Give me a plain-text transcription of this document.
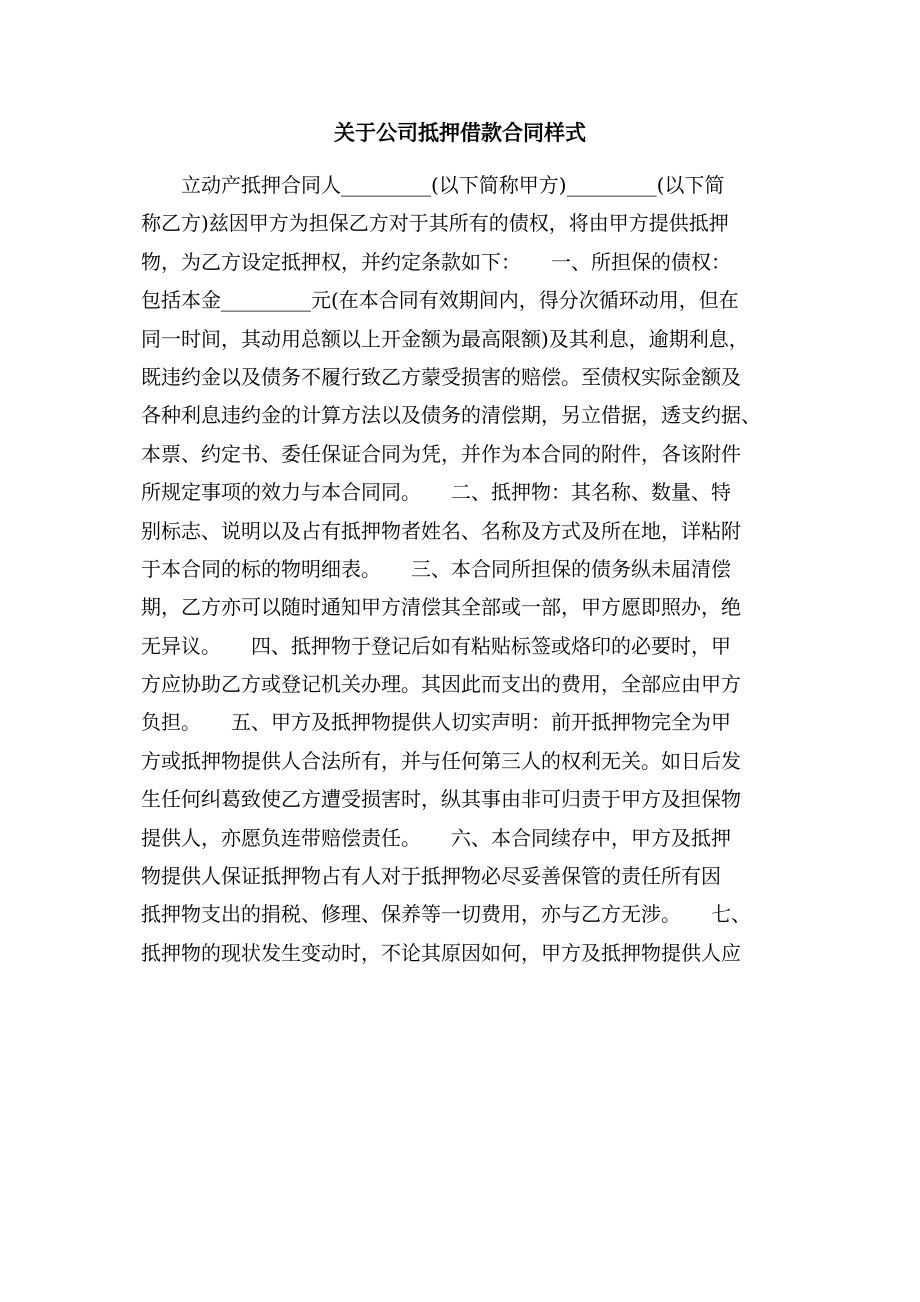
关于公司抵押借款合同样式
　　立动产抵押合同人_________(以下简称甲方)_________(以下简
称乙方)兹因甲方为担保乙方对于其所有的债权，将由甲方提供抵押
物，为乙方设定抵押权，并约定条款如下：　　一、所担保的债权：
包括本金_________元(在本合同有效期间内，得分次循环动用，但在
同一时间，其动用总额以上开金额为最高限额)及其利息，逾期利息，
既违约金以及债务不履行致乙方蒙受损害的赔偿。至债权实际金额及
各种利息违约金的计算方法以及债务的清偿期，另立借据，透支约据、
本票、约定书、委任保证合同为凭，并作为本合同的附件，各该附件
所规定事项的效力与本合同同。　　二、抵押物：其名称、数量、特
别标志、说明以及占有抵押物者姓名、名称及方式及所在地，详粘附
于本合同的标的物明细表。　　三、本合同所担保的债务纵未届清偿
期，乙方亦可以随时通知甲方清偿其全部或一部，甲方愿即照办，绝
无异议。　　四、抵押物于登记后如有粘贴标签或烙印的必要时，甲
方应协助乙方或登记机关办理。其因此而支出的费用，全部应由甲方
负担。　　五、甲方及抵押物提供人切实声明：前开抵押物完全为甲
方或抵押物提供人合法所有，并与任何第三人的权利无关。如日后发
生任何纠葛致使乙方遭受损害时，纵其事由非可归责于甲方及担保物
提供人，亦愿负连带赔偿责任。　　六、本合同续存中，甲方及抵押
物提供人保证抵押物占有人对于抵押物必尽妥善保管的责任所有因
抵押物支出的捐税、修理、保养等一切费用，亦与乙方无涉。　　七、
抵押物的现状发生变动时，不论其原因如何，甲方及抵押物提供人应
